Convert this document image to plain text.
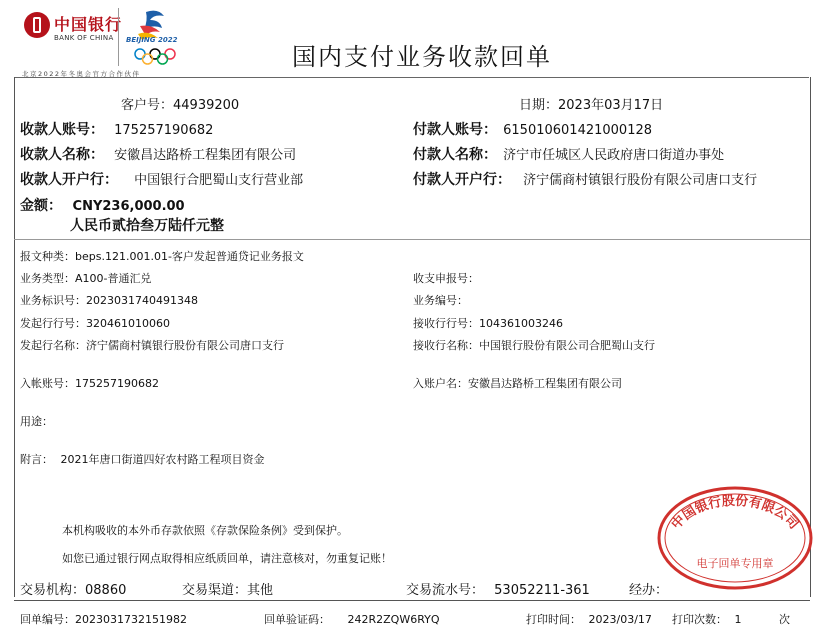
中国银行
BANK OF CHINA BEIJING 2022
北京2022年冬奥会官方合作伙伴
国内支付业务收款回单
客户号：44939200	日期：2023年03月17日
收款人账号： 175257190682	付款人账号： 615010601421000128
收款人名称： 安徽昌达路桥工程集团有限公司	付款人名称： 济宁市任城区人民政府唐口街道办事处
收款人开户行： 中国银行合肥蜀山支行营业部	付款人开户行： 济宁儒商村镇银行股份有限公司唐口支行
金额： CNY236,000.00
人民币贰拾叁万陆仟元整
报文种类：beps.121.001.01-客户发起普通贷记业务报文
业务类型：A100-普通汇兑	收支申报号：
业务标识号：2023031740491348	业务编号：
发起行行号：320461010060	接收行行号：104361003246
发起行名称：济宁儒商村镇银行股份有限公司唐口支行	接收行名称：中国银行股份有限公司合肥蜀山支行
入帐账号：175257190682	入账户名：安徽昌达路桥工程集团有限公司
用途：
附言： 2021年唐口街道四好农村路工程项目资金
本机构吸收的本外币存款依照《存款保险条例》受到保护。
如您已通过银行网点取得相应纸质回单，请注意核对，勿重复记账！
中国银行股份有限公司
电子回单专用章
交易机构：08860	交易渠道：其他	交易流水号： 53052211-361	经办：
回单编号：2023031732151982	回单验证码： 242R2ZQW6RYQ	打印时间： 2023/03/17 打印次数： 1	次
